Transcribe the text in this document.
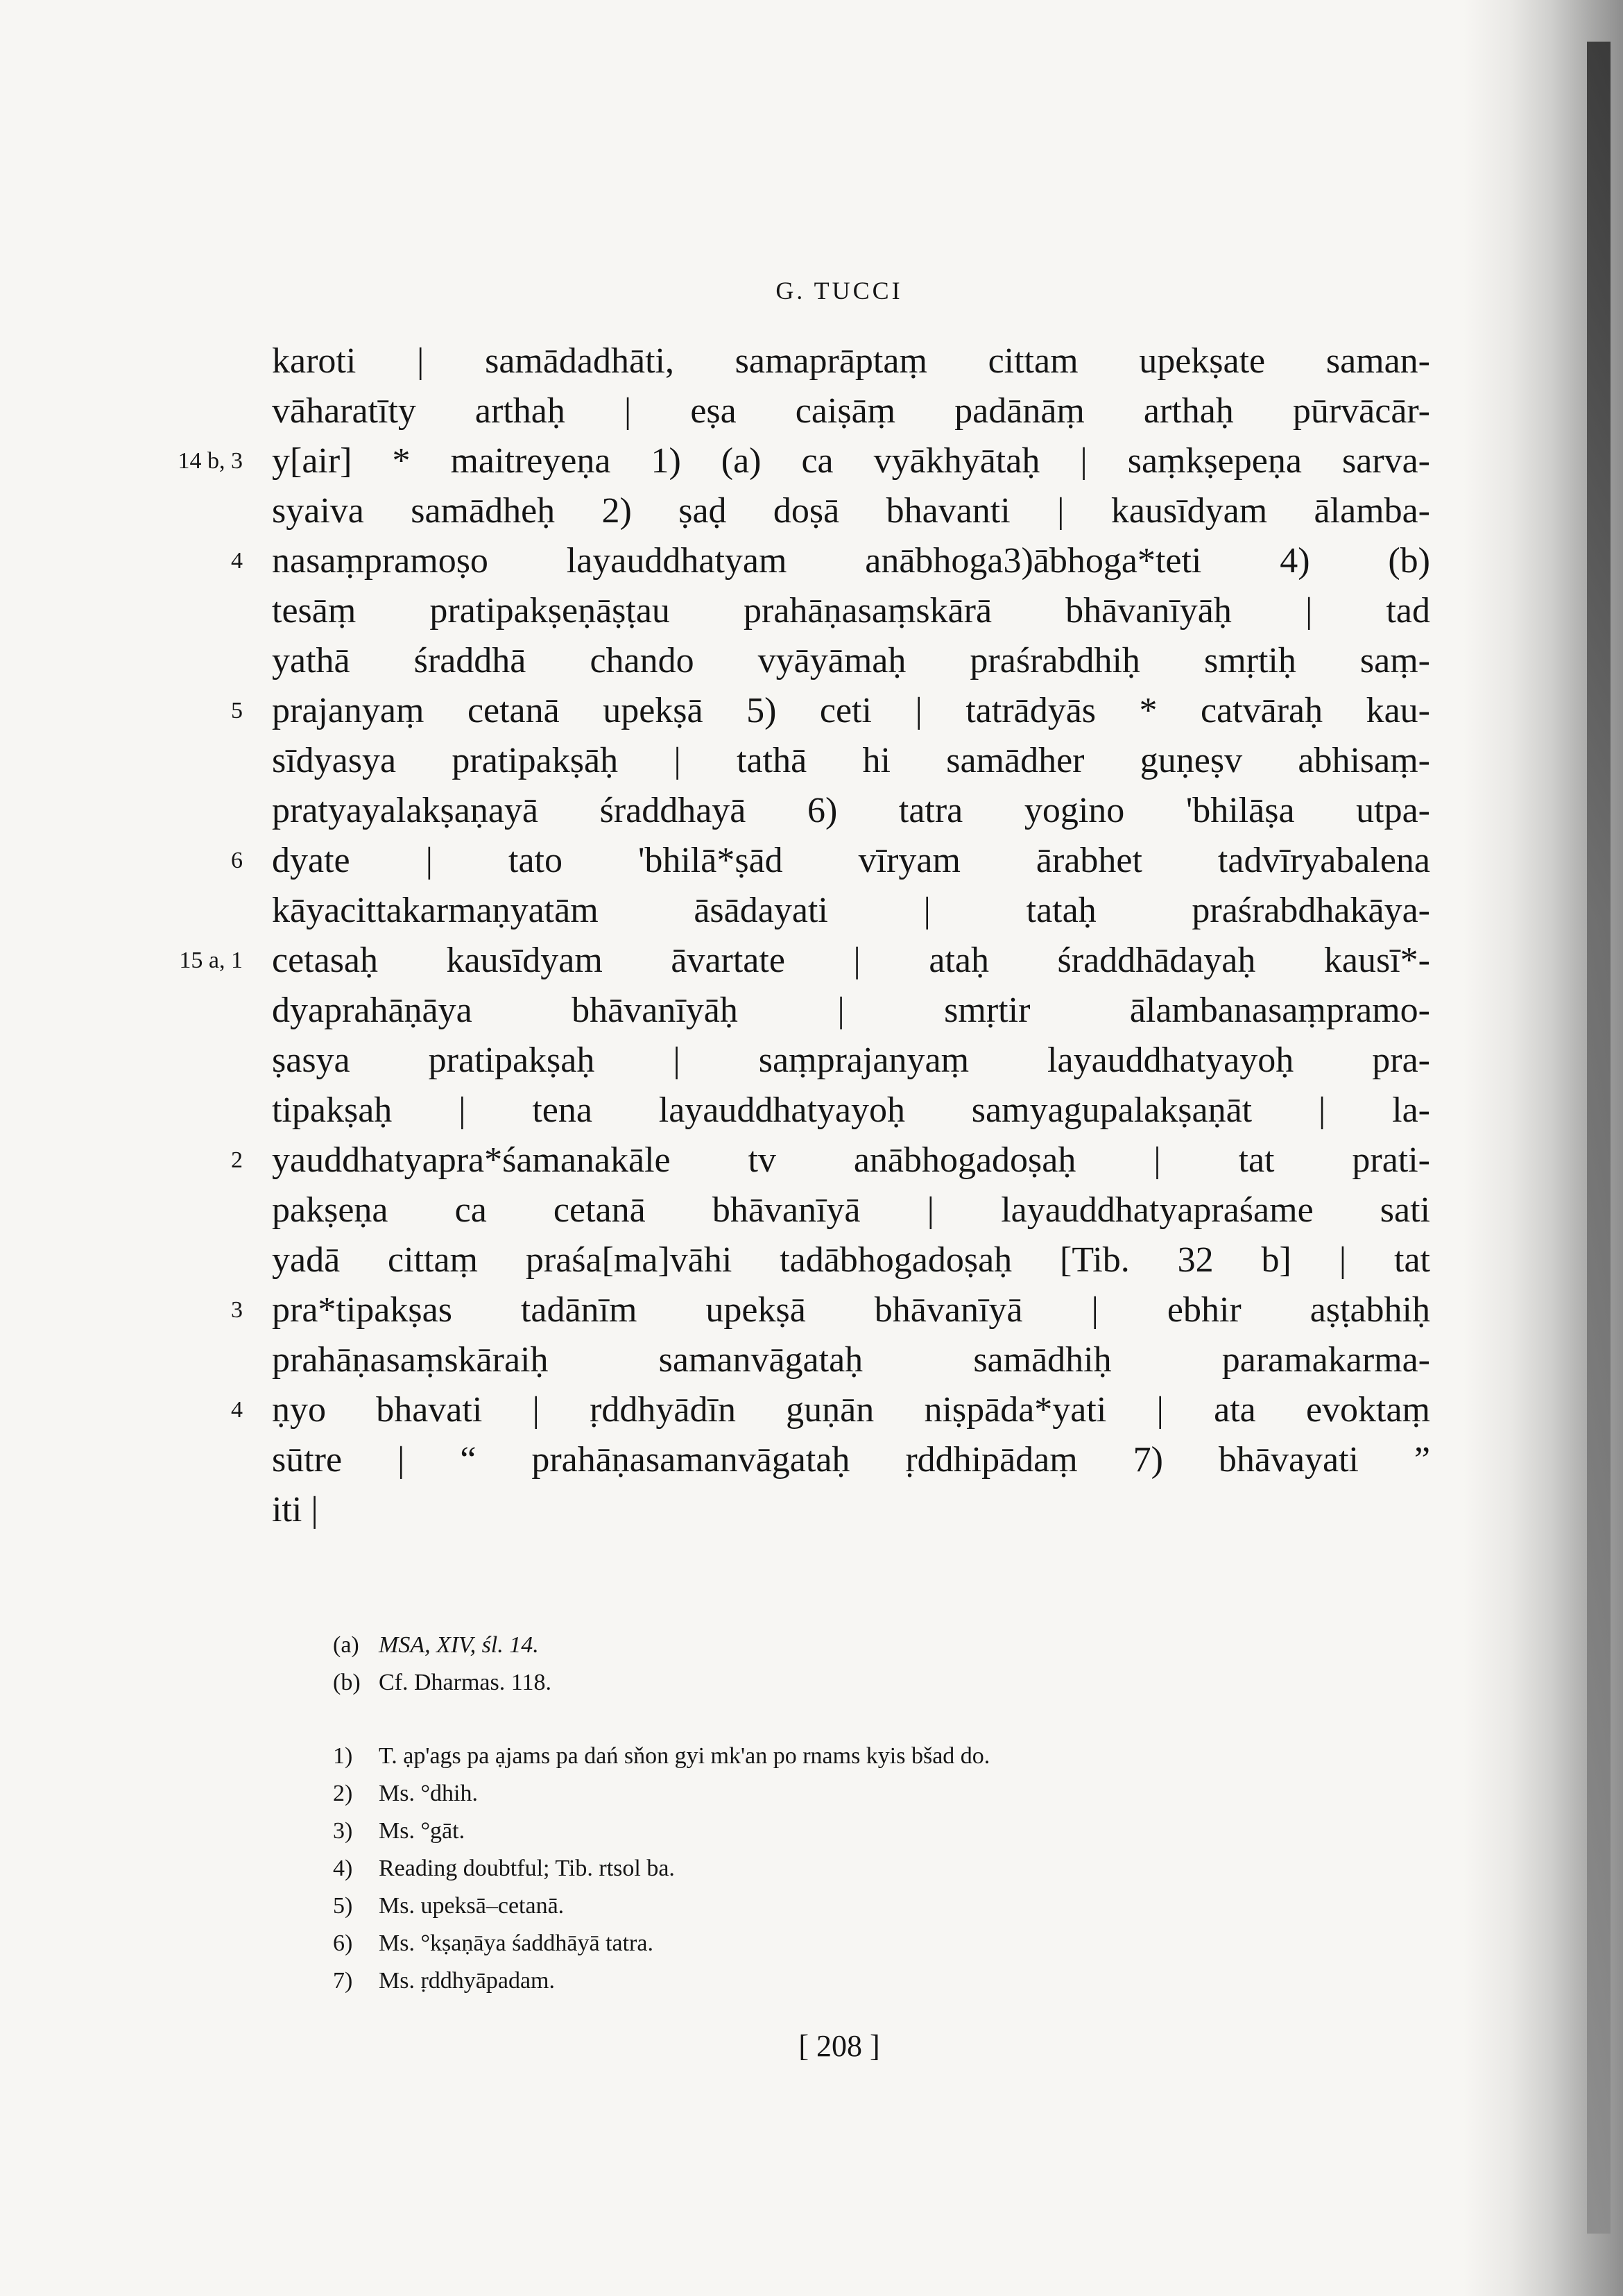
G. TUCCI
karoti | samādadhāti, samaprāptaṃ cittam upekṣate saman-
vāharatīty arthaḥ | eṣa caiṣāṃ padānāṃ arthaḥ pūrvācār-
y[air] * maitreyeṇa 1) (a) ca vyākhyātaḥ | saṃkṣepeṇa sarva-
syaiva samādheḥ 2) ṣaḍ doṣā bhavanti | kausīdyam ālamba-
nasaṃpramoṣo layauddhatyam anābhoga3)ābhoga*teti 4) (b)
tesāṃ pratipakṣeṇāṣṭau prahāṇasaṃskārā bhāvanīyāḥ | tad
yathā śraddhā chando vyāyāmaḥ praśrabdhiḥ smṛtiḥ saṃ-
prajanyaṃ cetanā upekṣā 5) ceti | tatrādyās * catvāraḥ kau-
sīdyasya pratipakṣāḥ | tathā hi samādher guṇeṣv abhisaṃ-
pratyayalakṣaṇayā śraddhayā 6) tatra yogino 'bhilāṣa utpa-
dyate | tato 'bhilā*ṣād vīryam ārabhet tadvīryabalena
kāyacittakarmaṇyatām āsādayati | tataḥ praśrabdhakāya-
cetasaḥ kausīdyam āvartate | ataḥ śraddhādayaḥ kausī*-
dyaprahāṇāya bhāvanīyāḥ | smṛtir ālambanasaṃpramo-
ṣasya pratipakṣaḥ | saṃprajanyaṃ layauddhatyayoḥ pra-
tipakṣaḥ | tena layauddhatyayoḥ samyagupalakṣaṇāt | la-
yauddhatyapra*śamanakāle tv anābhogadoṣaḥ | tat prati-
pakṣeṇa ca cetanā bhāvanīyā | layauddhatyapraśame sati
yadā cittaṃ praśa[ma]vāhi tadābhogadoṣaḥ [Tib. 32 b] | tat
pra*tipakṣas tadānīm upekṣā bhāvanīyā | ebhir aṣṭabhiḥ
prahāṇasaṃskāraiḥ samanvāgataḥ samādhiḥ paramakarma-
ṇyo bhavati | ṛddhyādīn guṇān niṣpāda*yati | ata evoktaṃ
sūtre | “ prahāṇasamanvāgataḥ ṛddhipādaṃ 7) bhāvayati ”
iti |
14 b, 3
4
5
6
15 a, 1
2
3
4
(a) MSA, XIV, śl. 14.
(b) Cf. Dharmas. 118.
1) T. ạp'ags pa ạjams pa dań sňon gyi mk'an po rnams kyis bšad do.
2) Ms. °dhih.
3) Ms. °gāt.
4) Reading doubtful; Tib. rtsol ba.
5) Ms. upeksā–cetanā.
6) Ms. °kṣaṇāya śaddhāyā tatra.
7) Ms. ṛddhyāpadam.
[ 208 ]
